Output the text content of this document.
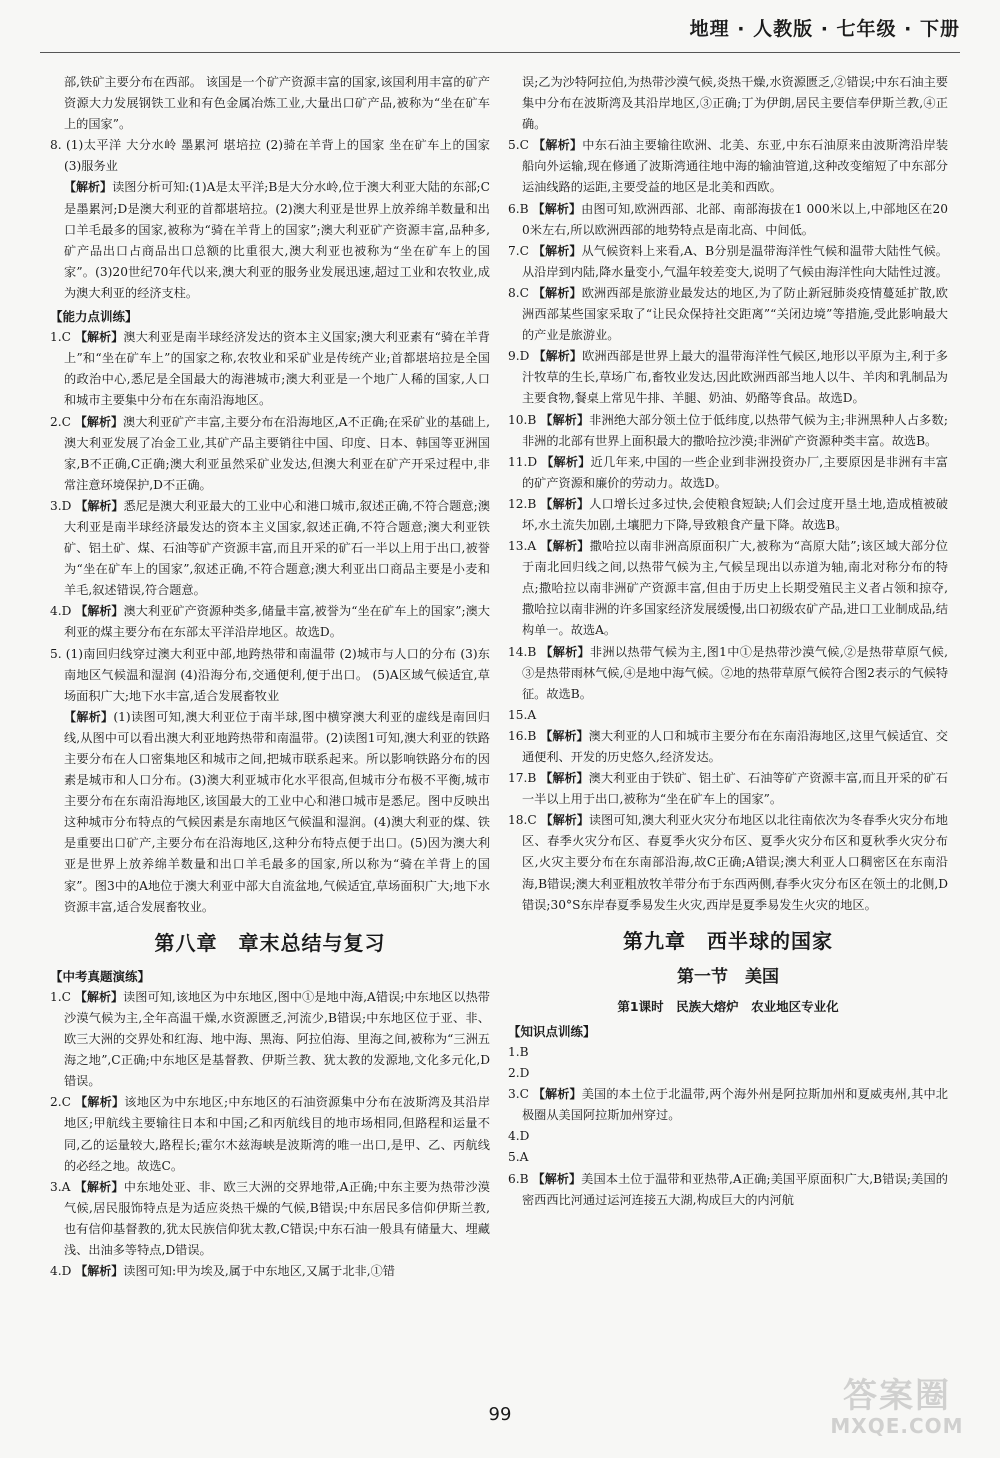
地理 · 人教版 · 七年级 · 下册

部,铁矿主要分布在西部。 该国是一个矿产资源丰富的国家,该国利用丰富的矿产资源大力发展钢铁工业和有色金属冶炼工业,大量出口矿产品,被称为“坐在矿车上的国家”。

8. (1)太平洋 大分水岭 墨累河 堪培拉 (2)骑在羊背上的国家 坐在矿车上的国家 (3)服务业

【解析】读图分析可知:(1)A是太平洋;B是大分水岭,位于澳大利亚大陆的东部;C是墨累河;D是澳大利亚的首都堪培拉。(2)澳大利亚是世界上放养绵羊数量和出口羊毛最多的国家,被称为“骑在羊背上的国家”;澳大利亚矿产资源丰富,品种多,矿产品出口占商品出口总额的比重很大,澳大利亚也被称为“坐在矿车上的国家”。(3)20世纪70年代以来,澳大利亚的服务业发展迅速,超过工业和农牧业,成为澳大利亚的经济支柱。

【能力点训练】

1.C 【解析】澳大利亚是南半球经济发达的资本主义国家;澳大利亚素有“骑在羊背上”和“坐在矿车上”的国家之称,农牧业和采矿业是传统产业;首都堪培拉是全国的政治中心,悉尼是全国最大的海港城市;澳大利亚是一个地广人稀的国家,人口和城市主要集中分布在东南沿海地区。

2.C 【解析】澳大利亚矿产丰富,主要分布在沿海地区,A不正确;在采矿业的基础上,澳大利亚发展了冶金工业,其矿产品主要销往中国、印度、日本、韩国等亚洲国家,B不正确,C正确;澳大利亚虽然采矿业发达,但澳大利亚在矿产开采过程中,非常注意环境保护,D不正确。

3.D 【解析】悉尼是澳大利亚最大的工业中心和港口城市,叙述正确,不符合题意;澳大利亚是南半球经济最发达的资本主义国家,叙述正确,不符合题意;澳大利亚铁矿、铝土矿、煤、石油等矿产资源丰富,而且开采的矿石一半以上用于出口,被誉为“坐在矿车上的国家”,叙述正确,不符合题意;澳大利亚出口商品主要是小麦和羊毛,叙述错误,符合题意。

4.D 【解析】澳大利亚矿产资源种类多,储量丰富,被誉为“坐在矿车上的国家”;澳大利亚的煤主要分布在东部太平洋沿岸地区。故选D。

5. (1)南回归线穿过澳大利亚中部,地跨热带和南温带 (2)城市与人口的分布 (3)东南地区气候温和湿润 (4)沿海分布,交通便利,便于出口。 (5)A区域气候适宜,草场面积广大;地下水丰富,适合发展畜牧业

【解析】(1)读图可知,澳大利亚位于南半球,图中横穿澳大利亚的虚线是南回归线,从图中可以看出澳大利亚地跨热带和南温带。(2)读图1可知,澳大利亚的铁路主要分布在人口密集地区和城市之间,把城市联系起来。所以影响铁路分布的因素是城市和人口分布。(3)澳大利亚城市化水平很高,但城市分布极不平衡,城市主要分布在东南沿海地区,该国最大的工业中心和港口城市是悉尼。图中反映出这种城市分布特点的气候因素是东南地区气候温和湿润。(4)澳大利亚的煤、铁是重要出口矿产,主要分布在沿海地区,这种分布特点便于出口。(5)因为澳大利亚是世界上放养绵羊数量和出口羊毛最多的国家,所以称为“骑在羊背上的国家”。图3中的A地位于澳大利亚中部大自流盆地,气候适宜,草场面积广大;地下水资源丰富,适合发展畜牧业。

第八章　章末总结与复习
【中考真题演练】

1.C 【解析】读图可知,该地区为中东地区,图中①是地中海,A错误;中东地区以热带沙漠气候为主,全年高温干燥,水资源匮乏,河流少,B错误;中东地区位于亚、非、欧三大洲的交界处和红海、地中海、黑海、阿拉伯海、里海之间,被称为“三洲五海之地”,C正确;中东地区是基督教、伊斯兰教、犹太教的发源地,文化多元化,D错误。

2.C 【解析】该地区为中东地区;中东地区的石油资源集中分布在波斯湾及其沿岸地区;甲航线主要输往日本和中国;乙和丙航线目的地市场相同,但路程和运量不同,乙的运量较大,路程长;霍尔木兹海峡是波斯湾的唯一出口,是甲、乙、丙航线的必经之地。故选C。

3.A 【解析】中东地处亚、非、欧三大洲的交界地带,A正确;中东主要为热带沙漠气候,居民服饰特点是为适应炎热干燥的气候,B错误;中东居民多信仰伊斯兰教,也有信仰基督教的,犹太民族信仰犹太教,C错误;中东石油一般具有储量大、埋藏浅、出油多等特点,D错误。

4.D 【解析】读图可知:甲为埃及,属于中东地区,又属于北非,①错

误;乙为沙特阿拉伯,为热带沙漠气候,炎热干燥,水资源匮乏,②错误;中东石油主要集中分布在波斯湾及其沿岸地区,③正确;丁为伊朗,居民主要信奉伊斯兰教,④正确。

5.C 【解析】中东石油主要输往欧洲、北美、东亚,中东石油原来由波斯湾沿岸装船向外运输,现在修通了波斯湾通往地中海的输油管道,这种改变缩短了中东部分运油线路的运距,主要受益的地区是北美和西欧。

6.B 【解析】由图可知,欧洲西部、北部、南部海拔在1 000米以上,中部地区在200米左右,所以欧洲西部的地势特点是南北高、中间低。

7.C 【解析】从气候资料上来看,A、B分别是温带海洋性气候和温带大陆性气候。从沿岸到内陆,降水量变小,气温年较差变大,说明了气候由海洋性向大陆性过渡。

8.C 【解析】欧洲西部是旅游业最发达的地区,为了防止新冠肺炎疫情蔓延扩散,欧洲西部某些国家采取了“让民众保持社交距离”“关闭边境”等措施,受此影响最大的产业是旅游业。

9.D 【解析】欧洲西部是世界上最大的温带海洋性气候区,地形以平原为主,利于多汁牧草的生长,草场广布,畜牧业发达,因此欧洲西部当地人以牛、羊肉和乳制品为主要食物,餐桌上常见牛排、羊腿、奶油、奶酪等食品。故选D。

10.B 【解析】非洲绝大部分领土位于低纬度,以热带气候为主;非洲黑种人占多数;非洲的北部有世界上面积最大的撒哈拉沙漠;非洲矿产资源种类丰富。故选B。

11.D 【解析】近几年来,中国的一些企业到非洲投资办厂,主要原因是非洲有丰富的矿产资源和廉价的劳动力。故选D。

12.B 【解析】人口增长过多过快,会使粮食短缺;人们会过度开垦土地,造成植被破坏,水土流失加剧,土壤肥力下降,导致粮食产量下降。故选B。

13.A 【解析】撒哈拉以南非洲高原面积广大,被称为“高原大陆”;该区域大部分位于南北回归线之间,以热带气候为主,气候呈现出以赤道为轴,南北对称分布的特点;撒哈拉以南非洲矿产资源丰富,但由于历史上长期受殖民主义者占领和掠夺,撒哈拉以南非洲的许多国家经济发展缓慢,出口初级农矿产品,进口工业制成品,结构单一。故选A。

14.B 【解析】非洲以热带气候为主,图1中①是热带沙漠气候,②是热带草原气候,③是热带雨林气候,④是地中海气候。②地的热带草原气候符合图2表示的气候特征。故选B。

15.A

16.B 【解析】澳大利亚的人口和城市主要分布在东南沿海地区,这里气候适宜、交通便利、开发的历史悠久,经济发达。

17.B 【解析】澳大利亚由于铁矿、铝土矿、石油等矿产资源丰富,而且开采的矿石一半以上用于出口,被称为“坐在矿车上的国家”。

18.C 【解析】读图可知,澳大利亚火灾分布地区以北往南依次为冬春季火灾分布地区、春季火灾分布区、春夏季火灾分布区、夏季火灾分布区和夏秋季火灾分布区,火灾主要分布在东南部沿海,故C正确;A错误;澳大利亚人口稠密区在东南沿海,B错误;澳大利亚粗放牧羊带分布于东西两侧,春季火灾分布区在领土的北侧,D错误;30°S东岸春夏季易发生火灾,西岸是夏季易发生火灾的地区。

第九章　西半球的国家
第一节　美国
第1课时　民族大熔炉　农业地区专业化
【知识点训练】

1.B

2.D

3.C 【解析】美国的本土位于北温带,两个海外州是阿拉斯加州和夏威夷州,其中北极圈从美国阿拉斯加州穿过。

4.D

5.A

6.B 【解析】美国本土位于温带和亚热带,A正确;美国平原面积广大,B错误;美国的密西西比河通过运河连接五大湖,构成巨大的内河航

99	答案圈
MXQE.COM
